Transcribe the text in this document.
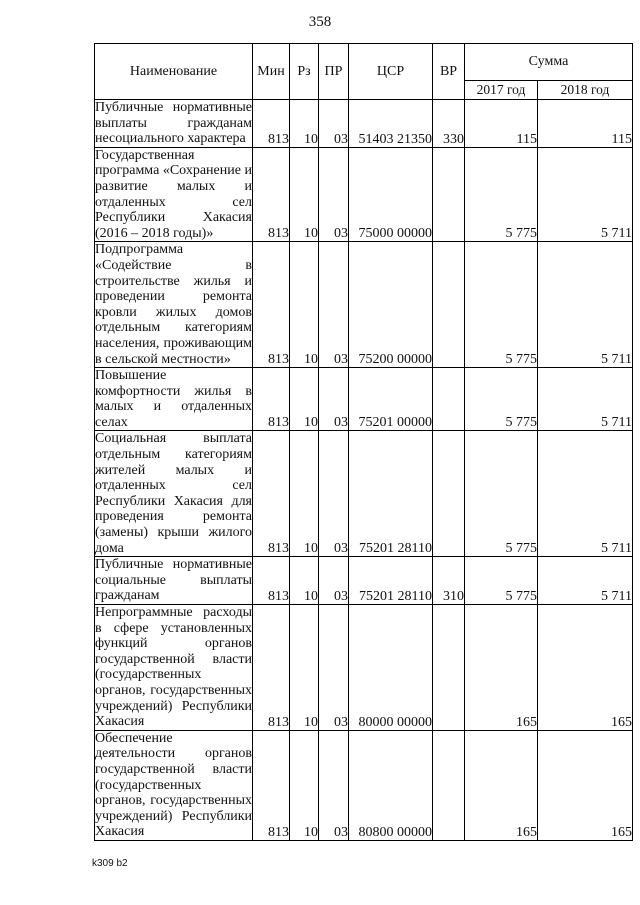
358
Наименование	Мин	Рз	ПР	ЦСР	ВР	Сумма	
						2017 год	2018 год
Публичные нормативные выплаты гражданам несоциального характера	813	10	03	51403 21350	330	115	115
Государственная программа «Сохранение и развитие малых и отдаленных сел Республики Хакасия (2016 – 2018 годы)»	813	10	03	75000 00000		5 775	5 711
Подпрограмма «Содействие в строительстве жилья и проведении ремонта кровли жилых домов отдельным категориям населения, проживающим в сельской местности»	813	10	03	75200 00000		5 775	5 711
Повышение комфортности жилья в малых и отдаленных селах	813	10	03	75201 00000		5 775	5 711
Социальная выплата отдельным категориям жителей малых и отдаленных сел Республики Хакасия для проведения ремонта (замены) крыши жилого дома	813	10	03	75201 28110		5 775	5 711
Публичные нормативные социальные выплаты гражданам	813	10	03	75201 28110	310	5 775	5 711
Непрограммные расходы в сфере установленных функций органов государственной власти (государственных органов, государственных учреждений) Республики Хакасия	813	10	03	80000 00000		165	165
Обеспечение деятельности органов государственной власти (государственных органов, государственных учреждений) Республики Хакасия	813	10	03	80800 00000		165	165
k309 b2
